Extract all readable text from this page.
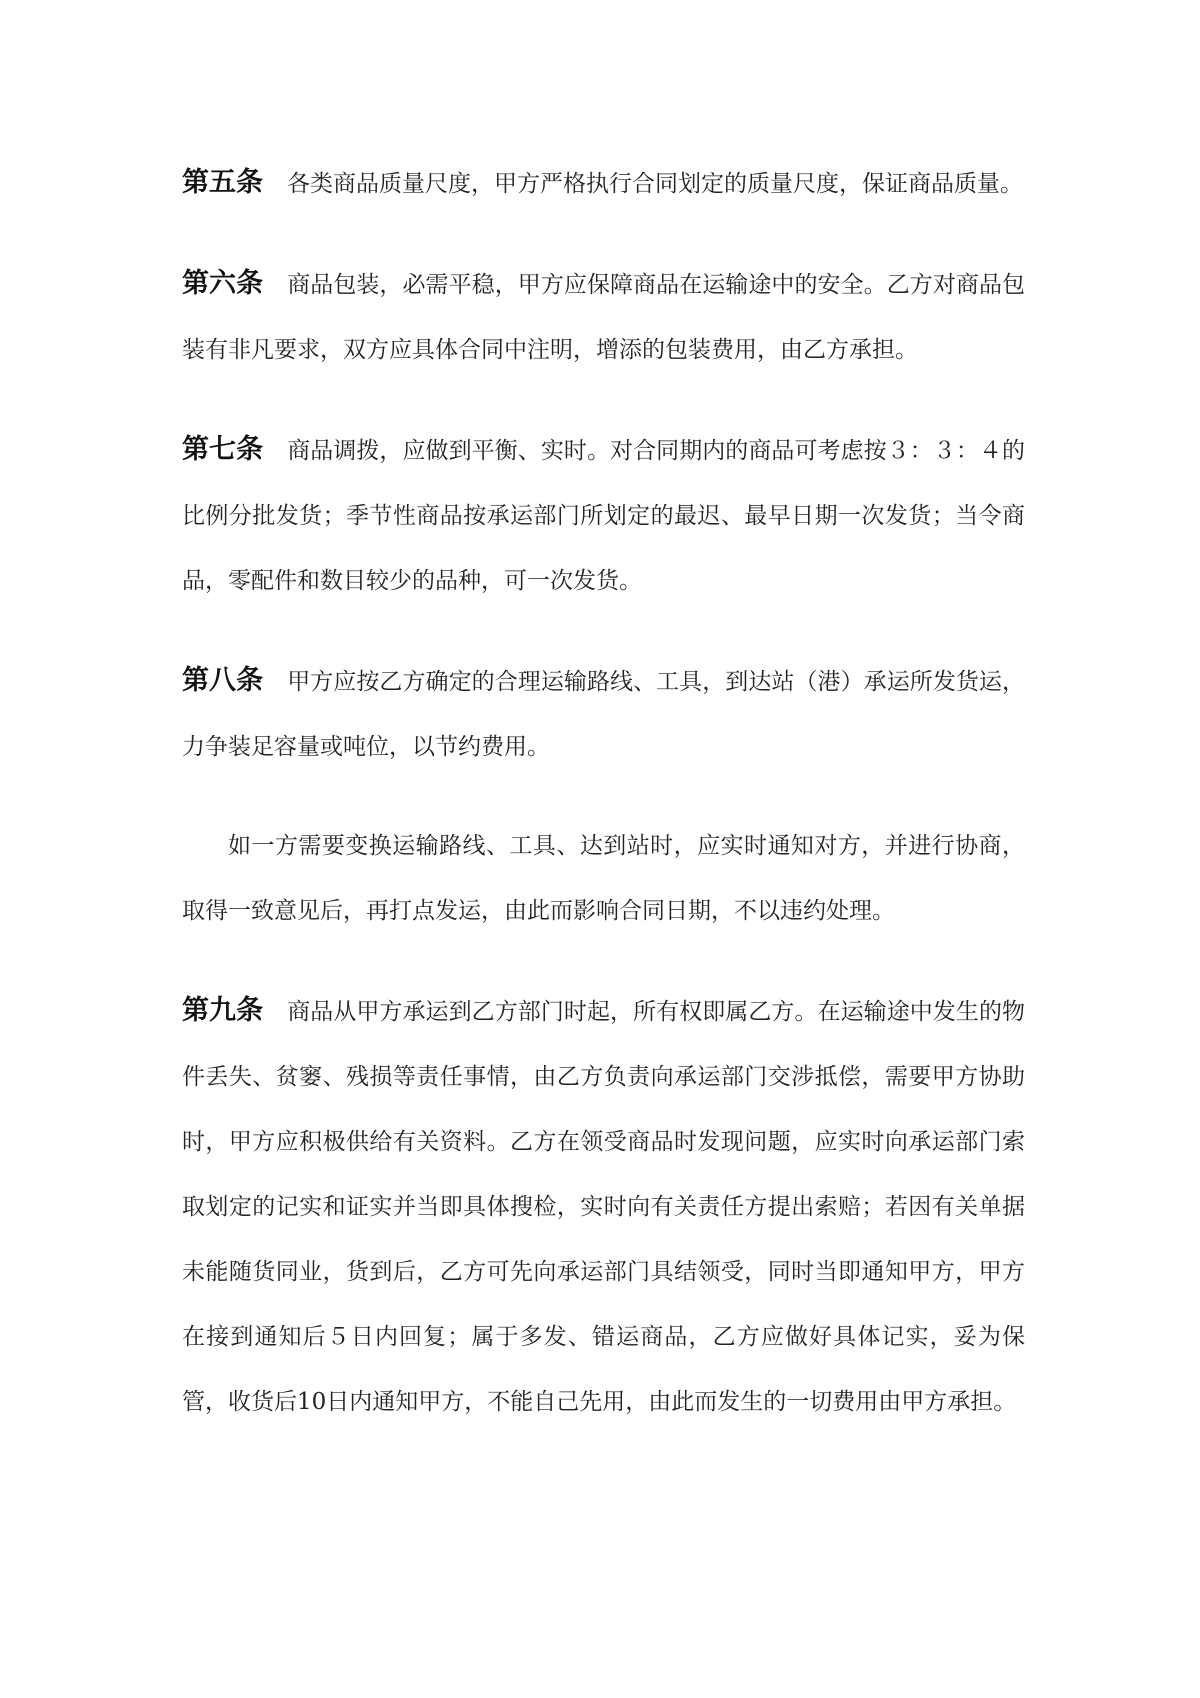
第五条 各类商品质量尺度，甲方严格执行合同划定的质量尺度，保证商品质量。

第六条 商品包装，必需平稳，甲方应保障商品在运输途中的安全。乙方对商品包装有非凡要求，双方应具体合同中注明，增添的包装费用，由乙方承担。

第七条 商品调拨，应做到平衡、实时。对合同期内的商品可考虑按３：３：４的比例分批发货；季节性商品按承运部门所划定的最迟、最早日期一次发货；当令商品，零配件和数目较少的品种，可一次发货。

第八条 甲方应按乙方确定的合理运输路线、工具，到达站（港）承运所发货运，力争装足容量或吨位，以节约费用。

如一方需要变换运输路线、工具、达到站时，应实时通知对方，并进行协商，取得一致意见后，再打点发运，由此而影响合同日期，不以违约处理。

第九条 商品从甲方承运到乙方部门时起，所有权即属乙方。在运输途中发生的物件丢失、贫窭、残损等责任事情，由乙方负责向承运部门交涉抵偿，需要甲方协助时，甲方应积极供给有关资料。乙方在领受商品时发现问题，应实时向承运部门索取划定的记实和证实并当即具体搜检，实时向有关责任方提出索赔；若因有关单据未能随货同业，货到后，乙方可先向承运部门具结领受，同时当即通知甲方，甲方在接到通知后５日内回复；属于多发、错运商品，乙方应做好具体记实，妥为保管，收货后10日内通知甲方，不能自己先用，由此而发生的一切费用由甲方承担。
